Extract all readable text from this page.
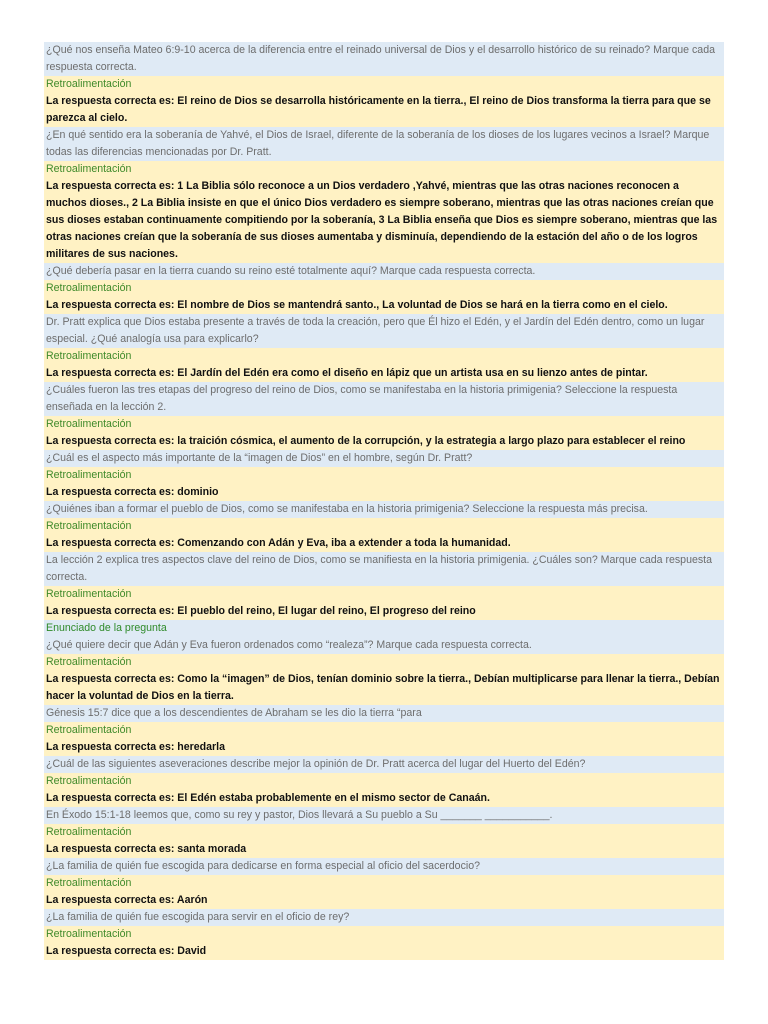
¿Qué nos enseña Mateo 6:9-10 acerca de la diferencia entre el reinado universal de Dios y el desarrollo histórico de su reinado? Marque cada respuesta correcta.
Retroalimentación
La respuesta correcta es: El reino de Dios se desarrolla históricamente en la tierra., El reino de Dios transforma la tierra para que se parezca al cielo.
¿En qué sentido era la soberanía de Yahvé, el Dios de Israel, diferente de la soberanía de los dioses de los lugares vecinos a Israel? Marque todas las diferencias mencionadas por Dr. Pratt.
Retroalimentación
La respuesta correcta es: 1 La Biblia sólo reconoce a un Dios verdadero ,Yahvé, mientras que las otras naciones reconocen a muchos dioses., 2 La Biblia insiste en que el único Dios verdadero es siempre soberano, mientras que las otras naciones creían que sus dioses estaban continuamente compitiendo por la soberanía, 3 La Biblia enseña que Dios es siempre soberano, mientras que las otras naciones creían que la soberanía de sus dioses aumentaba y disminuía, dependiendo de la estación del año o de los logros militares de sus naciones.
¿Qué debería pasar en la tierra cuando su reino esté totalmente aquí? Marque cada respuesta correcta.
Retroalimentación
La respuesta correcta es: El nombre de Dios se mantendrá santo., La voluntad de Dios se hará en la tierra como en el cielo.
Dr. Pratt explica que Dios estaba presente a través de toda la creación, pero que Él hizo el Edén, y el Jardín del Edén dentro, como un lugar especial. ¿Qué analogía usa para explicarlo?
Retroalimentación
La respuesta correcta es: El Jardín del Edén era como el diseño en lápiz que un artista usa en su lienzo antes de pintar.
¿Cuáles fueron las tres etapas del progreso del reino de Dios, como se manifestaba en la historia primigenia? Seleccione la respuesta enseñada en la lección 2.
Retroalimentación
La respuesta correcta es: la traición cósmica, el aumento de la corrupción, y la estrategia a largo plazo para establecer el reino
¿Cuál es el aspecto más importante de la “imagen de Dios” en el hombre, según Dr. Pratt?
Retroalimentación
La respuesta correcta es: dominio
¿Quiénes iban a formar el pueblo de Dios, como se manifestaba en la historia primigenia? Seleccione la respuesta más precisa.
Retroalimentación
La respuesta correcta es: Comenzando con Adán y Eva, iba a extender a toda la humanidad.
La lección 2 explica tres aspectos clave del reino de Dios, como se manifiesta en la historia primigenia. ¿Cuáles son? Marque cada respuesta correcta.
Retroalimentación
La respuesta correcta es: El pueblo del reino, El lugar del reino, El progreso del reino
Enunciado de la pregunta
¿Qué quiere decir que Adán y Eva fueron ordenados como “realeza”? Marque cada respuesta correcta.
Retroalimentación
La respuesta correcta es: Como la “imagen” de Dios, tenían dominio sobre la tierra., Debían multiplicarse para llenar la tierra., Debían hacer la voluntad de Dios en la tierra.
Génesis 15:7 dice que a los descendientes de Abraham se les dio la tierra “para
Retroalimentación
La respuesta correcta es: heredarla
¿Cuál de las siguientes aseveraciones describe mejor la opinión de Dr. Pratt acerca del lugar del Huerto del Edén?
Retroalimentación
La respuesta correcta es: El Edén estaba probablemente en el mismo sector de Canaán.
En Éxodo 15:1-18 leemos que, como su rey y pastor, Dios llevará a Su pueblo a Su _______ ___________.
Retroalimentación
La respuesta correcta es: santa morada
¿La familia de quién fue escogida para dedicarse en forma especial al oficio del sacerdocio?
Retroalimentación
La respuesta correcta es: Aarón
¿La familia de quién fue escogida para servir en el oficio de rey?
Retroalimentación
La respuesta correcta es: David
